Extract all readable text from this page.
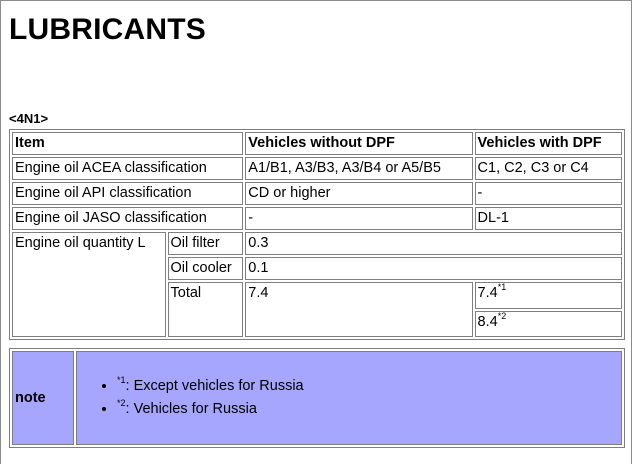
LUBRICANTS
<4N1>
Item		Vehicles without DPF	Vehicles with DPF
Engine oil ACEA classification		A1/B1, A3/B3, A3/B4 or A5/B5	C1, C2, C3 or C4
Engine oil API classification		CD or higher	-
Engine oil JASO classification		-	DL-1
Engine oil quantity L	Oil filter	0.3	
	Oil cooler	0.1	
	Total	7.4	7.4$^{*1}$
			8.4$^{*2}$
note	
• $^{*1}$: Except vehicles for Russia
• $^{*2}$: Vehicles for Russia
